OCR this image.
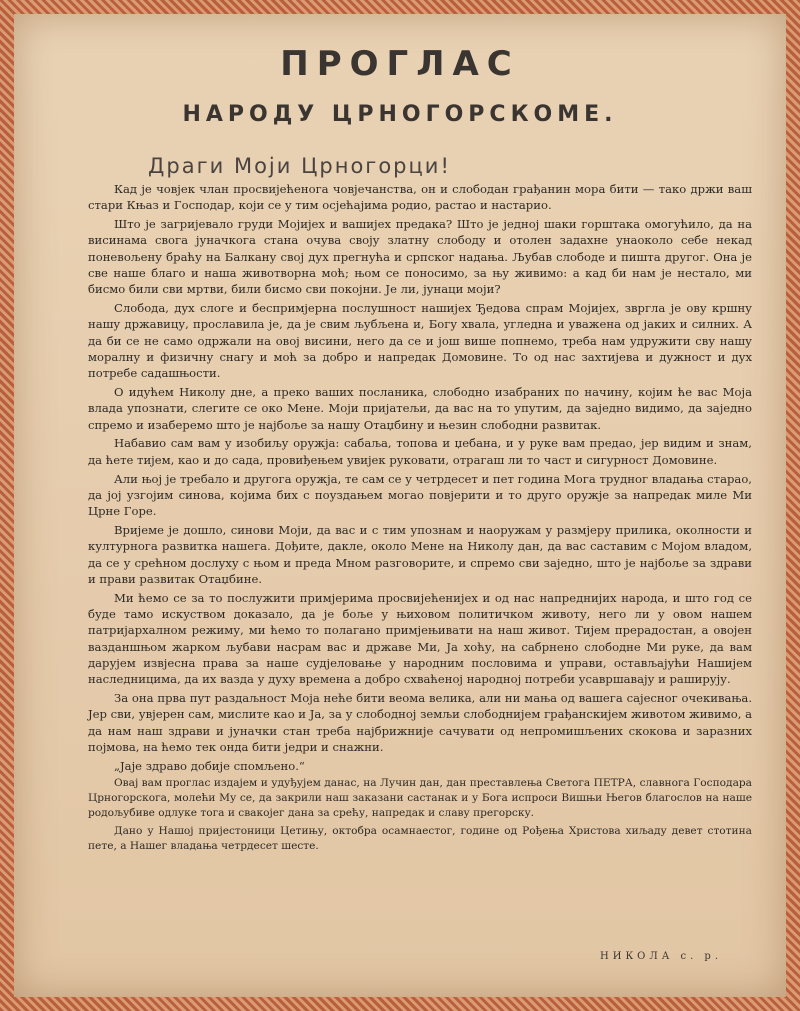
ПРОГЛАС
НАРОДУ ЦРНОГОРСКОМЕ.
Драги Моји Црногорци!

Кад је човјек члан просвијећенога човјечанства, он и слободан грађанин мора бити — тако држи ваш стари Књаз и Господар, који се у тим осјећајима родио, растао и настарио.

Што је загријевало груди Мојијех и вашијех предака? Што је једној шаки горштака омогућило, да на висинама свога јуначкога стана очува своју златну слободу и отолен задахне унаоколо себе некад поневољену браћу на Балкану свој дух прегнућа и српског надања. Љубав слободе и пишта другог. Она је све наше благо и наша животворна моћ; њом се поносимо, за њу живимо: а кад би нам је нестало, ми бисмо били сви мртви, били бисмо сви покојни. Је ли, јунаци моји?

Слобода, дух слоге и беспримјерна послушност нашијех Ђедова спрам Мојијех, звргла је ову кршну нашу државицу, прославила је, да је свим љубљена и, Богу хвала, угледна и уважена од јаких и силних. А да би се не само одржали на овој висини, него да се и још више попнемо, треба нам удружити сву нашу моралну и физичну снагу и моћ за добро и напредак Домовине. То од нас захтијева и дужност и дух потребе садашњости.

О идућем Николу дне, а преко ваших посланика, слободно изабраних по начину, којим ће вас Моја влада упознати, слегите се око Мене. Моји пријатељи, да вас на то упутим, да заједно видимо, да заједно спремо и изаберемо што је најбоље за нашу Отаџбину и њезин слободни развитак.

Набавио сам вам у изобиљу оружја: сабаља, топова и џебана, и у руке вам предао, јер видим и знам, да ћете тијем, као и до сада, провиђењем увијек руковати, отрагаш ли то част и сигурност Домовине.

Али њој је требало и другога оружја, те сам се у четрдесет и пет година Мога трудног владања старао, да јој узгојим синова, којима бих с поуздањем могао повјерити и то друго оружје за напредак миле Ми Црне Горе.

Вријеме је дошло, синови Моји, да вас и с тим упознам и наоружам у размјеру прилика, околности и културнога развитка нашега. Дођите, дакле, около Мене на Николу дан, да вас саставим с Мојом владом, да се у срећном дослуху с њом и преда Мном разговорите, и спремо сви заједно, што је најбоље за здрави и прави развитак Отаџбине.

Ми ћемо се за то послужити примјерима просвијећенијех и од нас напреднијих народа, и што год се буде тамо искуством доказало, да је боље у њиховом политичком животу, него ли у овом нашем патријархалном режиму, ми ћемо то полагано примјењивати на наш живот. Тијем прерадостан, а овојен вазданшњом жарком љубави насрам вас и државе Ми, Ја хоћу, на сабрнено слободне Ми руке, да вам дарујем извјесна права за наше судјеловање у народним пословима и управи, остављајући Нашијем наследницима, да их вазда у духу времена а добро схваћеној народној потреби усавршавају и раширују.

За она прва пут раздаљност Моја неће бити веома велика, али ни мања од вашега сајесног очекивања. Јер сви, увјерен сам, мислите као и Ја, за у слободној земљи слободнијем грађанскијем животом живимо, а да нам наш здрави и јуначки стан треба најбрижније сачувати од непромишљених скокова и заразних појмова, на ћемо тек онда бити једри и снажни.

„Јаје здраво добије спомљено.“

Овај вам проглас издајем и удуђујем данас, на Лучин дан, дан преставлења Светога ПЕТРА, славнога Господара Црногорскога, молећи Му се, да закрили наш заказани састанак и у Бога испроси Вишњи Његов благослов на наше родољубиве одлуке тога и свакојег дана за срећу, напредак и славу прегорску.

Дано у Нашој пријестоници Цетињу, октобра осамнаестог, године од Рођења Христова хиљаду девет стотина пете, а Нашег владања четрдесет шесте.

НИКОЛА с. р.
